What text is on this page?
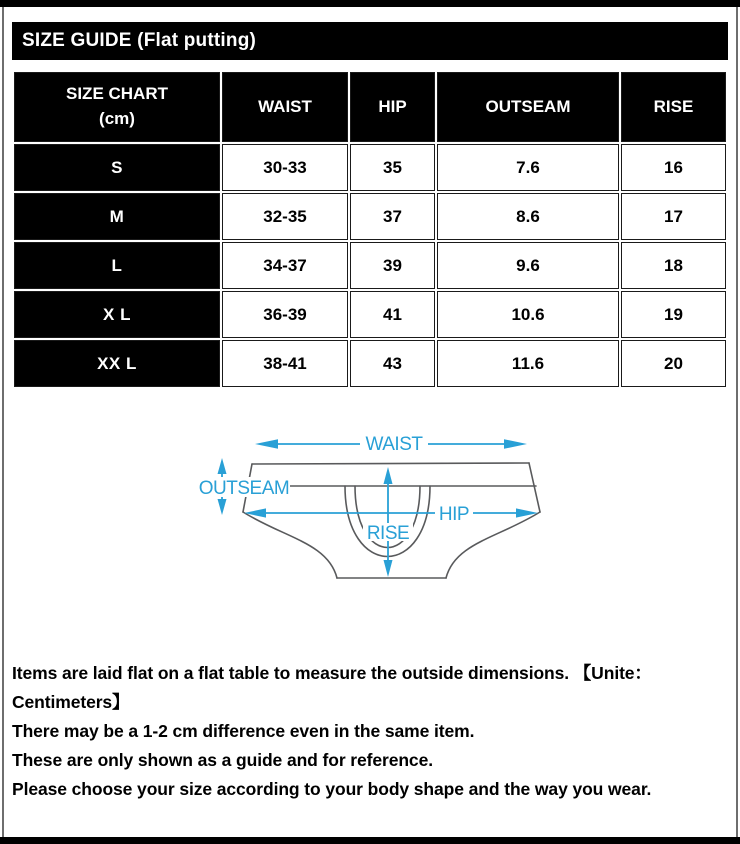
SIZE GUIDE (Flat putting)
SIZE CHART
(cm)	WAIST	HIP	OUTSEAM	RISE
S	30-33	35	7.6	16
M	32-35	37	8.6	17
L	34-37	39	9.6	18
X L	36-39	41	10.6	19
XX L	38-41	43	11.6	20
WAIST
OUTSEAM
HIP
RISE
Items are laid flat on a flat table to measure the outside dimensions. 【Unite：
Centimeters】
There may be a 1-2 cm difference even in the same item.
These are only shown as a guide and for reference.
Please choose your size according to your body shape and the way you wear.
